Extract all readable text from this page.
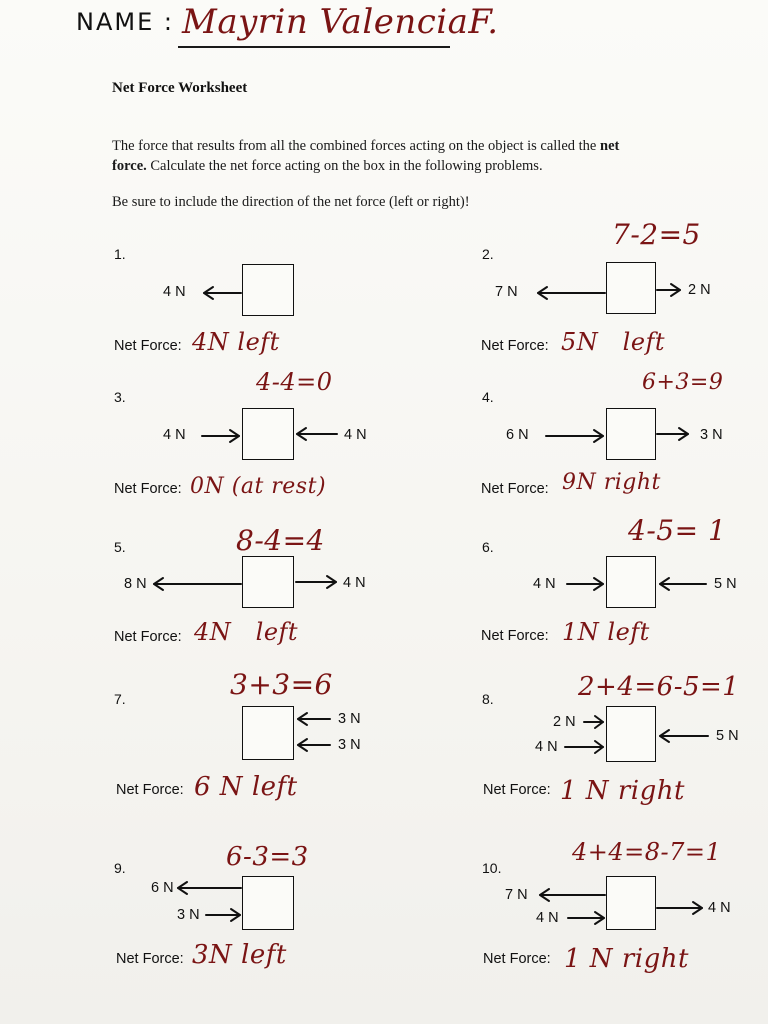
NAME : Mayrin ValenciaF.
Net Force Worksheet
The force that results from all the combined forces acting on the object is called the net
force. Calculate the net force acting on the box in the following problems.
Be sure to include the direction of the net force (left or right)!
1.	2.
3.	4.
5.	6.
7.	8.
9.	10.
4 N	7 N	2 N
4 N	4 N	6 N	3 N
8 N	4 N	4 N	5 N
3 N
3 N
2 N
4 N
5 N
6 N
3 N
7 N
4 N
4 N
Net Force:	Net Force:
Net Force:	Net Force:
Net Force:	Net Force:
Net Force:	Net Force:
Net Force:	Net Force:
7-2=5
4-4=0	6+3=9
8-4=4	4-5= 1
3+3=6	2+4=6-5=1
6-3=3	4+4=8-7=1
4N left	5N   left
0N (at rest)	9N right
4N   left	1N left
6 N left	1 N right
3N left	1 N right
